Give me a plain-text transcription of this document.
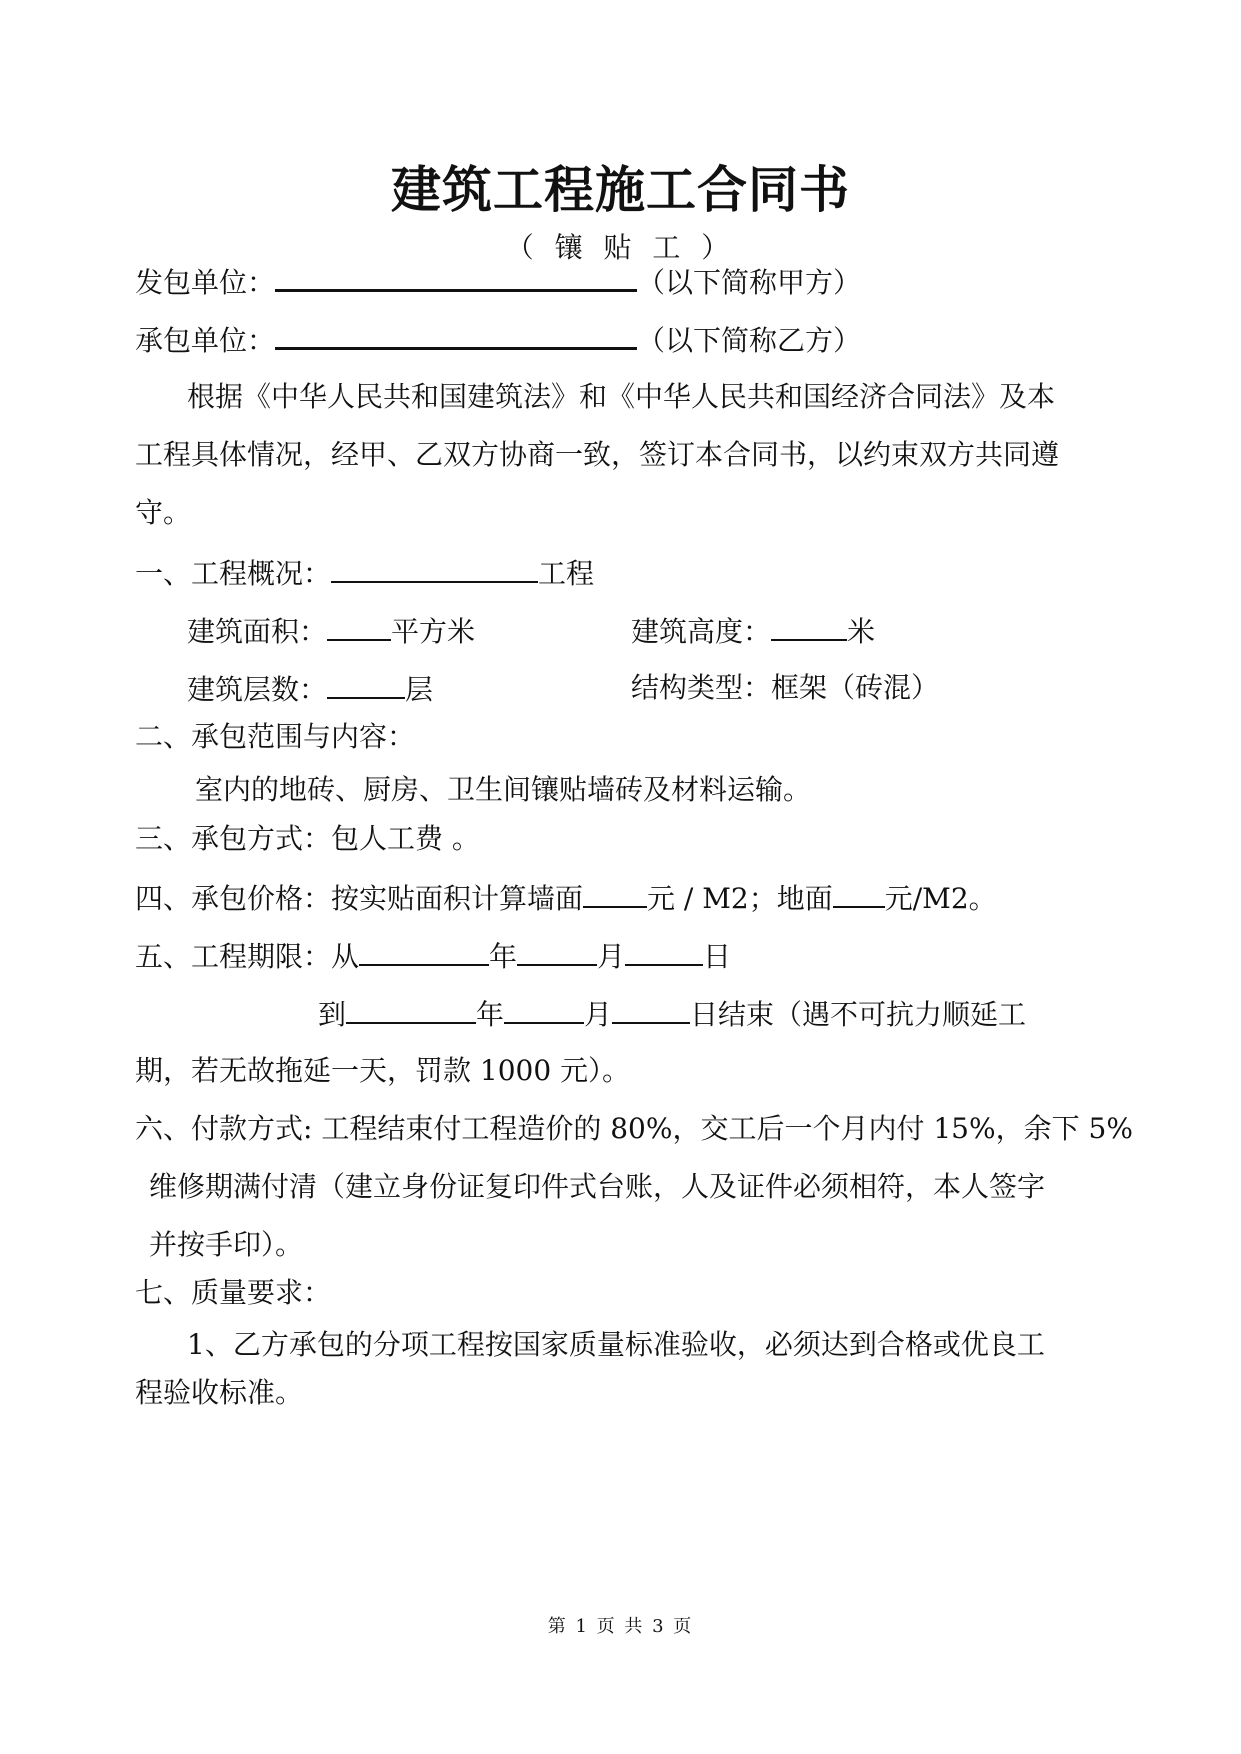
建筑工程施工合同书
（ 镶 贴 工 ）
发包单位：	（以下简称甲方）
承包单位：	（以下简称乙方）
根据《中华人民共和国建筑法》和《中华人民共和国经济合同法》及本
工程具体情况，经甲、乙双方协商一致，签订本合同书，以约束双方共同遵
守。
一、工程概况：	工程
建筑面积： 平方米	建筑高度：	米
建筑层数：	层	结构类型：框架（砖混）
二、承包范围与内容：
室内的地砖、厨房、卫生间镶贴墙砖及材料运输。
三、承包方式：包人工费 。
四、承包价格：按实贴面积计算墙面 元 / M2；地面 元/M2。
五、工程期限：从	年	月	日
到	年	月	日结束（遇不可抗力顺延工
期，若无故拖延一天，罚款 1000 元）。
六、付款方式: 工程结束付工程造价的 80%，交工后一个月内付 15%，余下 5%
维修期满付清（建立身份证复印件式台账，人及证件必须相符，本人签字
并按手印）。
七、质量要求：
1、乙方承包的分项工程按国家质量标准验收，必须达到合格或优良工
程验收标准。
第 1 页 共 3 页
